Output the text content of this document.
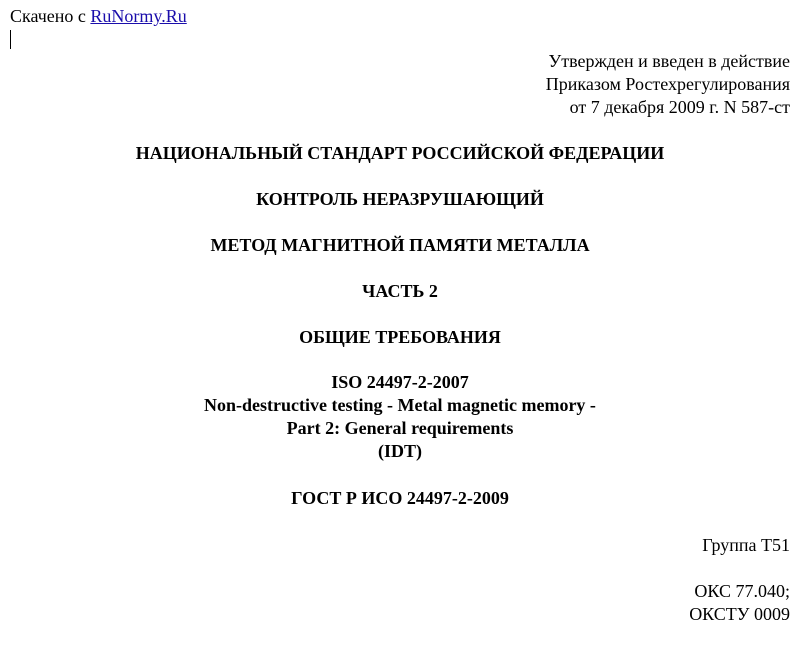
Скачено с RuNormy.Ru
Утвержден и введен в действие
Приказом Ростехрегулирования
от 7 декабря 2009 г. N 587-ст
НАЦИОНАЛЬНЫЙ СТАНДАРТ РОССИЙСКОЙ ФЕДЕРАЦИИ
КОНТРОЛЬ НЕРАЗРУШАЮЩИЙ
МЕТОД МАГНИТНОЙ ПАМЯТИ МЕТАЛЛА
ЧАСТЬ 2
ОБЩИЕ ТРЕБОВАНИЯ
ISO 24497-2-2007
Non-destructive testing - Metal magnetic memory -
Part 2: General requirements
(IDT)
ГОСТ Р ИСО 24497-2-2009
Группа Т51
ОКС 77.040;
ОКСТУ 0009
